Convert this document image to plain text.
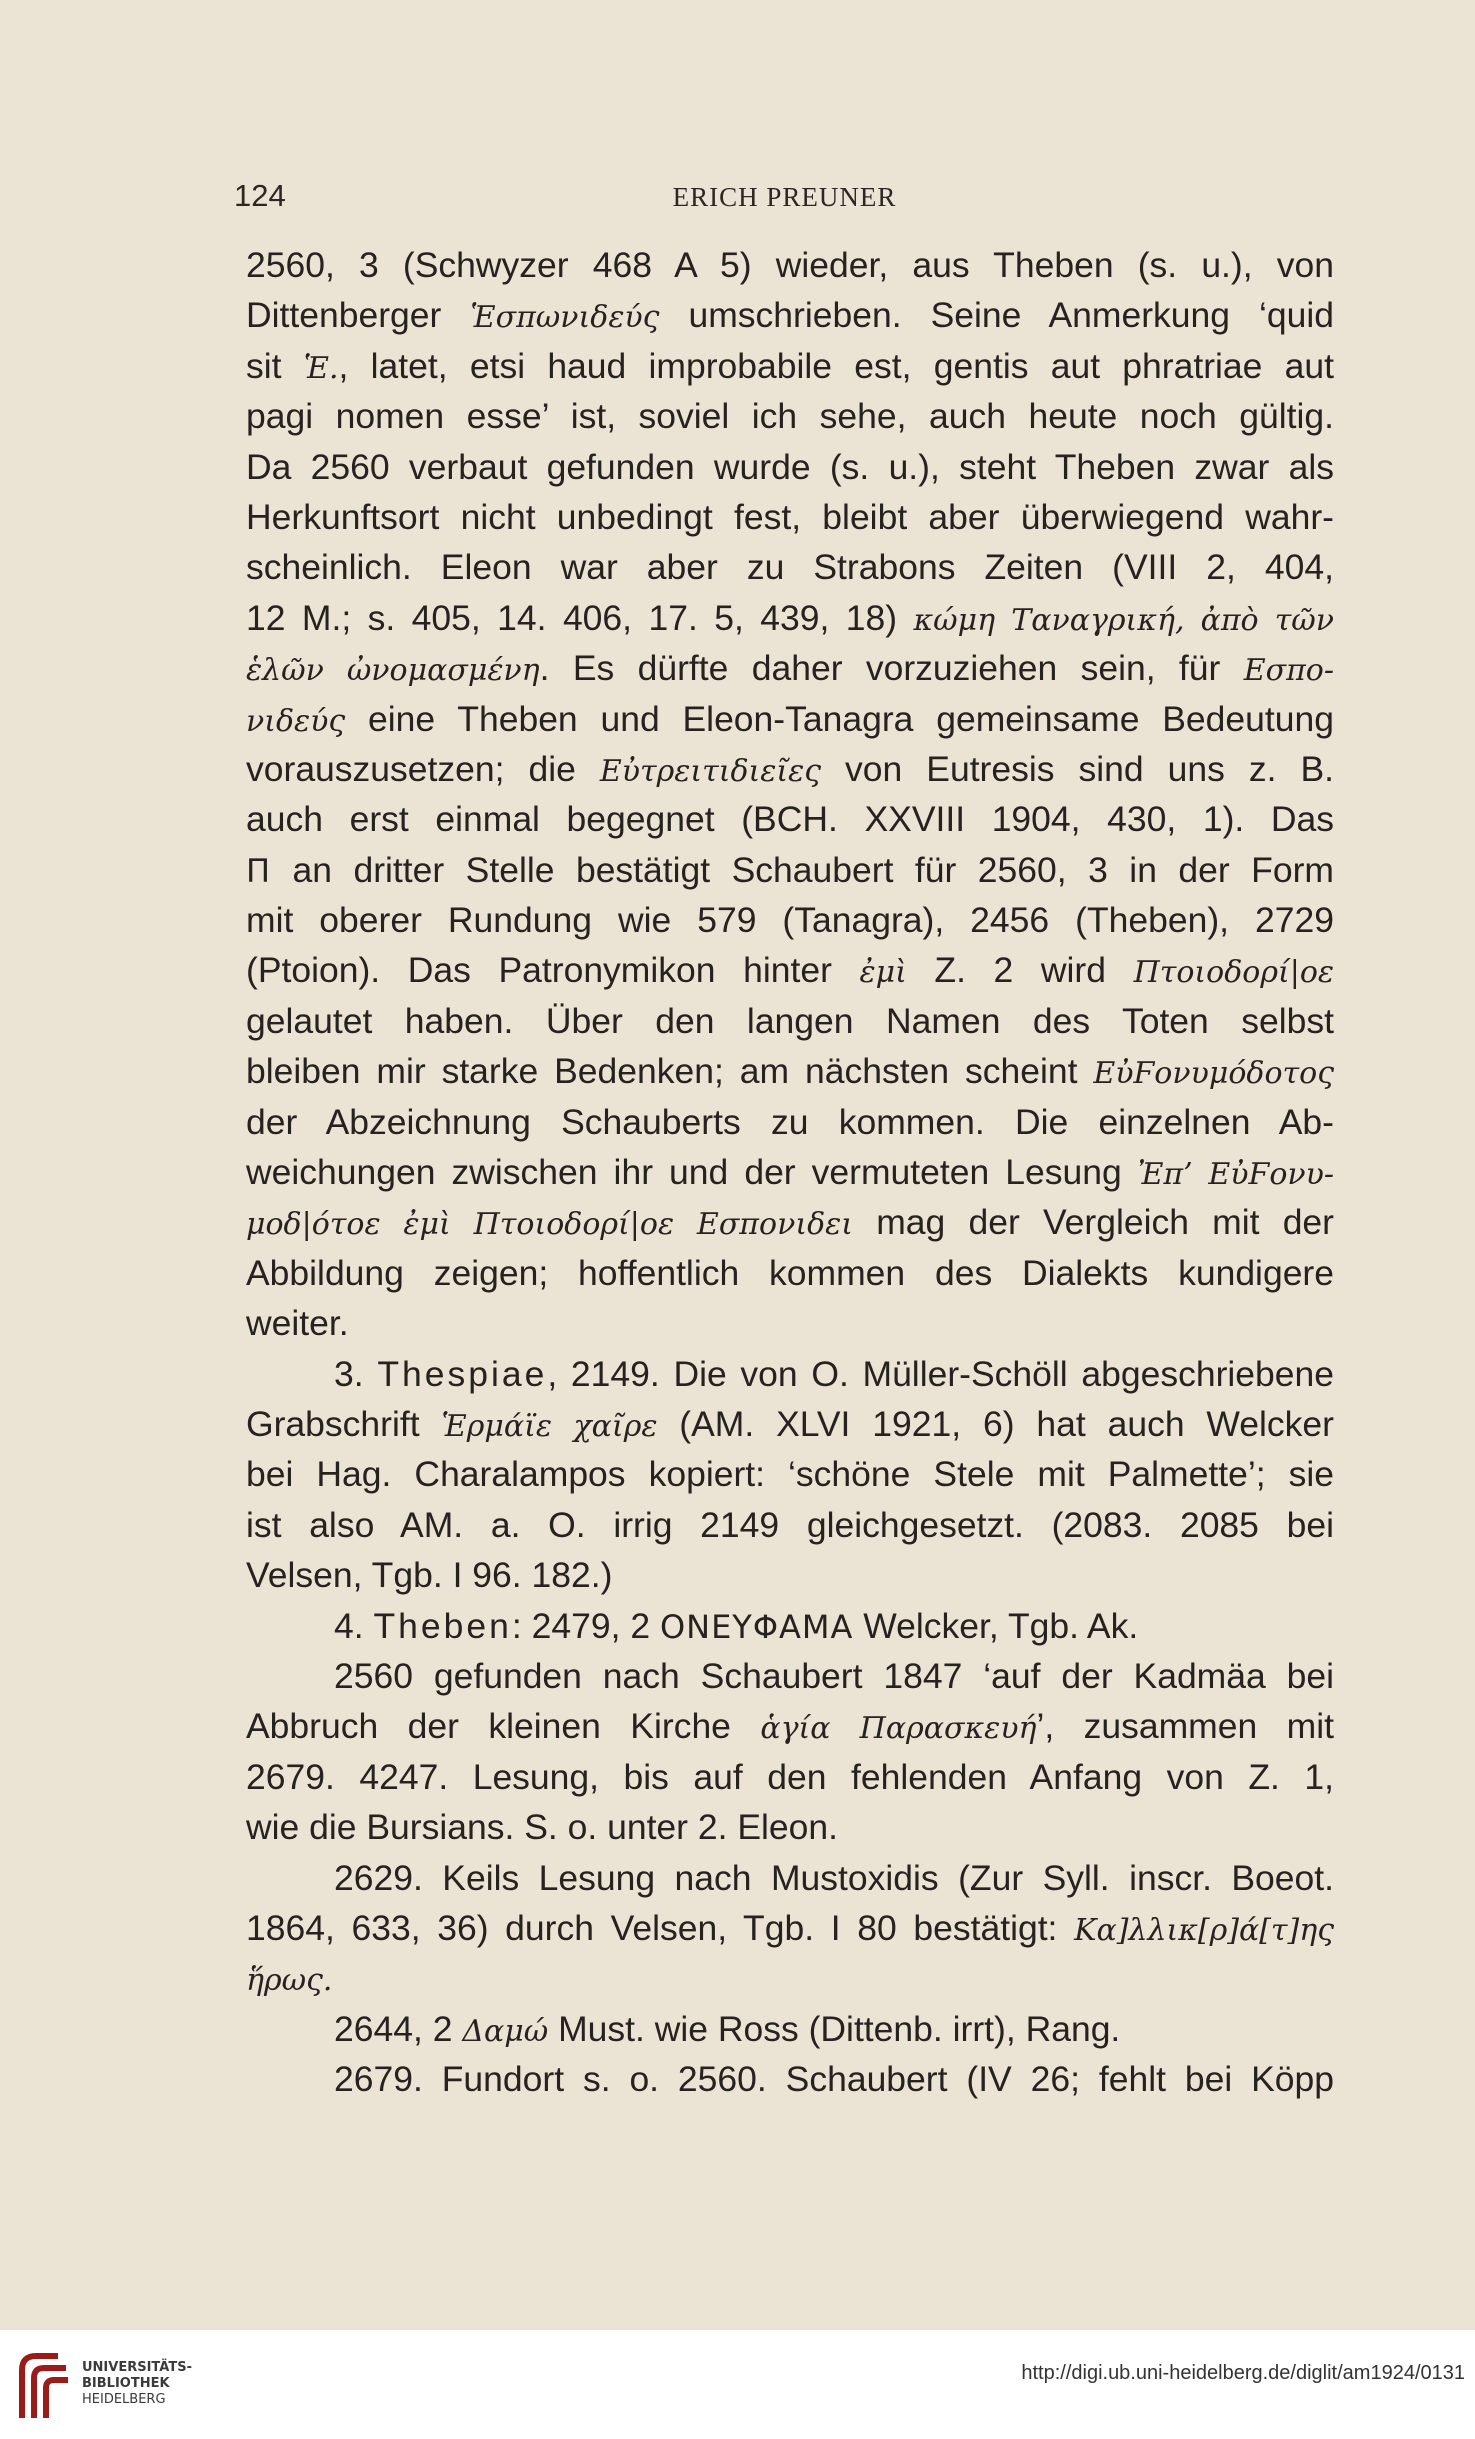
124	ERICH PREUNER
2560, 3 (Schwyzer 468 A 5) wieder, aus Theben (s. u.), von
Dittenberger Ἑσπωνιδεύς umschrieben. Seine Anmerkung ‘quid
sit Ἑ., latet, etsi haud improbabile est, gentis aut phratriae aut
pagi nomen esse’ ist, soviel ich sehe, auch heute noch gültig.
Da 2560 verbaut gefunden wurde (s. u.), steht Theben zwar als
Herkunftsort nicht unbedingt fest, bleibt aber überwiegend wahr-
scheinlich. Eleon war aber zu Strabons Zeiten (VIII 2, 404,
12 M.; s. 405, 14. 406, 17. 5, 439, 18) κώμη Ταναγρική, ἀπὸ τῶν
ἑλῶν ὠνομασμένη. Es dürfte daher vorzuziehen sein, für Εσπο-
νιδεύς eine Theben und Eleon-Tanagra gemeinsame Bedeutung
vorauszusetzen; die Εὐτρειτιδιεῖες von Eutresis sind uns z. B.
auch erst einmal begegnet (BCH. XXVIII 1904, 430, 1). Das
Π an dritter Stelle bestätigt Schaubert für 2560, 3 in der Form
mit oberer Rundung wie 579 (Tanagra), 2456 (Theben), 2729
(Ptoion). Das Patronymikon hinter ἐμὶ Z. 2 wird Πτοιοδορί|οε
gelautet haben. Über den langen Namen des Toten selbst
bleiben mir starke Bedenken; am nächsten scheint ΕὐϜονυμόδοτος
der Abzeichnung Schauberts zu kommen. Die einzelnen Ab-
weichungen zwischen ihr und der vermuteten Lesung Ἐπ’ ΕὐϜονυ-
μοδ|ότοε ἐμὶ Πτοιοδορί|οε Εσπονιδει mag der Vergleich mit der
Abbildung zeigen; hoffentlich kommen des Dialekts kundigere
weiter.
3. Thespiae, 2149. Die von O. Müller-Schöll abgeschriebene
Grabschrift Ἑρμάϊε χαῖρε (AM. XLVI 1921, 6) hat auch Welcker
bei Hag. Charalampos kopiert: ‘schöne Stele mit Palmette’; sie
ist also AM. a. O. irrig 2149 gleichgesetzt. (2083. 2085 bei
Velsen, Tgb. I 96. 182.)
4. Theben: 2479, 2 ΟΝΕΥΦΑΜΑ Welcker, Tgb. Ak.
2560 gefunden nach Schaubert 1847 ‘auf der Kadmäa bei
Abbruch der kleinen Kirche ἁγία Παρασκευή’, zusammen mit
2679. 4247. Lesung, bis auf den fehlenden Anfang von Z. 1,
wie die Bursians. S. o. unter 2. Eleon.
2629. Keils Lesung nach Mustoxidis (Zur Syll. inscr. Boeot.
1864, 633, 36) durch Velsen, Tgb. I 80 bestätigt: Κα]λλικ[ρ]ά[τ]ης
ἥρως.
2644, 2 Δαμώ Must. wie Ross (Dittenb. irrt), Rang.
2679. Fundort s. o. 2560. Schaubert (IV 26; fehlt bei Köpp
UNIVERSITÄTS-
BIBLIOTHEK
HEIDELBERG
http://digi.ub.uni-heidelberg.de/diglit/am1924/0131
